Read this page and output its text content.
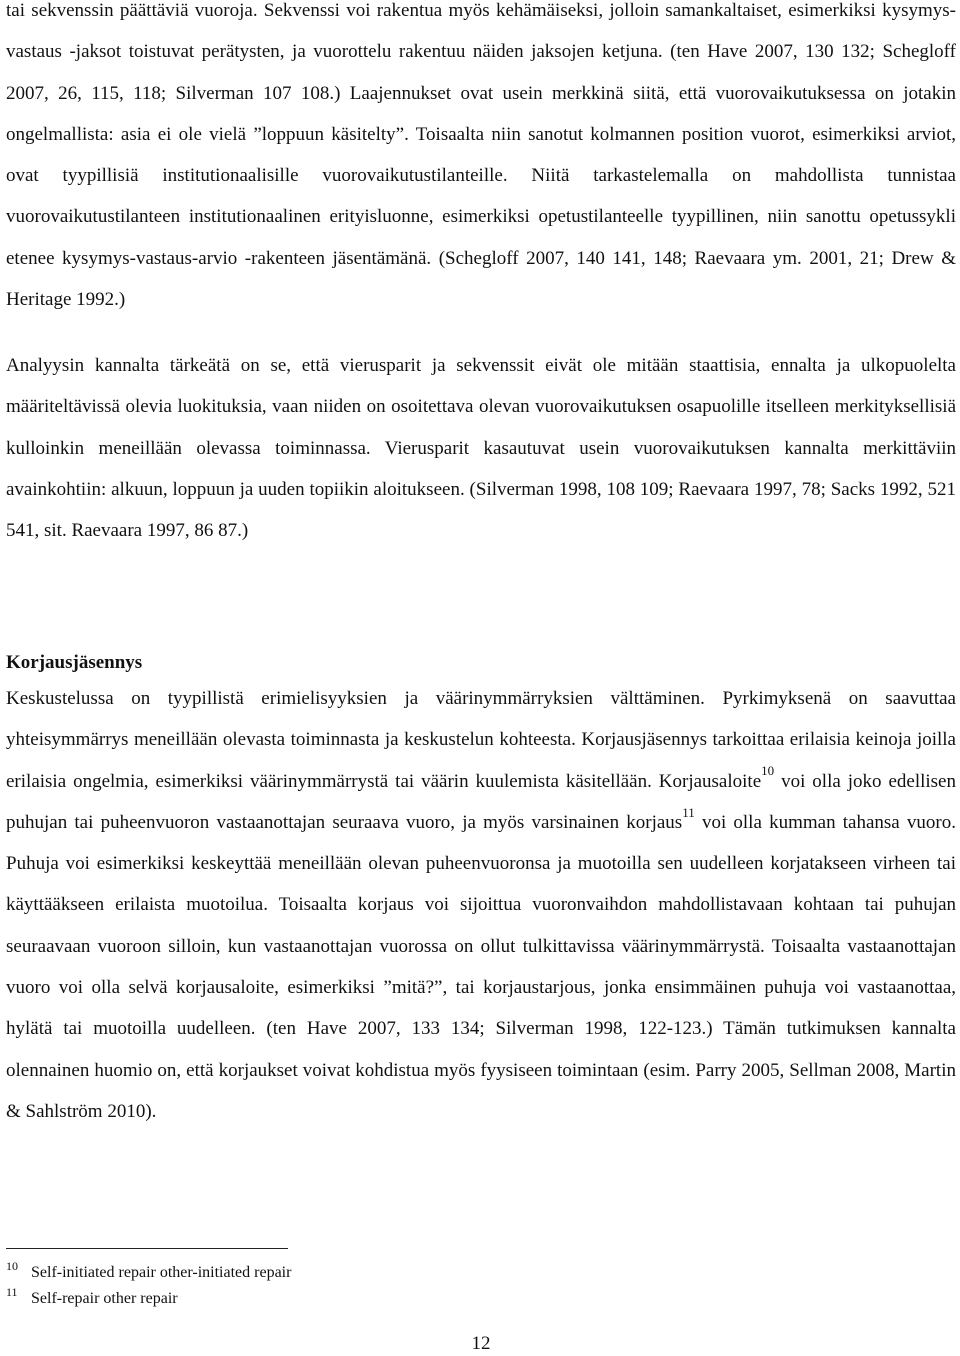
tai sekvenssin päättäviä vuoroja. Sekvenssi voi rakentua myös kehämäiseksi, jolloin samankaltaiset, esimerkiksi kysymys-vastaus -jaksot toistuvat perätysten, ja vuorottelu rakentuu näiden jaksojen ketjuna. (ten Have 2007, 130 132; Schegloff 2007, 26, 115, 118; Silverman 107 108.) Laajennukset ovat usein merkkinä siitä, että vuorovaikutuksessa on jotakin ongelmallista: asia ei ole vielä ”loppuun käsitelty”. Toisaalta niin sanotut kolmannen position vuorot, esimerkiksi arviot, ovat tyypillisiä institutionaalisille vuorovaikutustilanteille. Niitä tarkastelemalla on mahdollista tunnistaa vuorovaikutustilanteen institutionaalinen erityisluonne, esimerkiksi opetustilanteelle tyypillinen, niin sanottu opetussykli etenee kysymys-vastaus-arvio -rakenteen jäsentämänä. (Schegloff 2007, 140 141, 148; Raevaara ym. 2001, 21; Drew & Heritage 1992.)

Analyysin kannalta tärkeätä on se, että vierusparit ja sekvenssit eivät ole mitään staattisia, ennalta ja ulkopuolelta määriteltävissä olevia luokituksia, vaan niiden on osoitettava olevan vuorovaikutuksen osapuolille itselleen merkityksellisiä kulloinkin meneillään olevassa toiminnassa. Vierusparit kasautuvat usein vuorovaikutuksen kannalta merkittäviin avainkohtiin: alkuun, loppuun ja uuden topiikin aloitukseen. (Silverman 1998, 108 109; Raevaara 1997, 78; Sacks 1992, 521 541, sit. Raevaara 1997, 86 87.)

Korjausjäsennys

Keskustelussa on tyypillistä erimielisyyksien ja väärinymmärryksien välttäminen. Pyrkimyksenä on saavuttaa yhteisymmärrys meneillään olevasta toiminnasta ja keskustelun kohteesta. Korjausjäsennys tarkoittaa erilaisia keinoja joilla erilaisia ongelmia, esimerkiksi väärinymmärrystä tai väärin kuulemista käsitellään. Korjausaloite$^{10}$ voi olla joko edellisen puhujan tai puheenvuoron vastaanottajan seuraava vuoro, ja myös varsinainen korjaus$^{11}$ voi olla kumman tahansa vuoro. Puhuja voi esimerkiksi keskeyttää meneillään olevan puheenvuoronsa ja muotoilla sen uudelleen korjatakseen virheen tai käyttääkseen erilaista muotoilua. Toisaalta korjaus voi sijoittua vuoronvaihdon mahdollistavaan kohtaan tai puhujan seuraavaan vuoroon silloin, kun vastaanottajan vuorossa on ollut tulkittavissa väärinymmärrystä. Toisaalta vastaanottajan vuoro voi olla selvä korjausaloite, esimerkiksi ”mitä?”, tai korjaustarjous, jonka ensimmäinen puhuja voi vastaanottaa, hylätä tai muotoilla uudelleen. (ten Have 2007, 133 134; Silverman 1998, 122-123.) Tämän tutkimuksen kannalta olennainen huomio on, että korjaukset voivat kohdistua myös fyysiseen toimintaan (esim. Parry 2005, Sellman 2008, Martin & Sahlström 2010).

10 Self-initiated repair other-initiated repair
11 Self-repair other repair
12
